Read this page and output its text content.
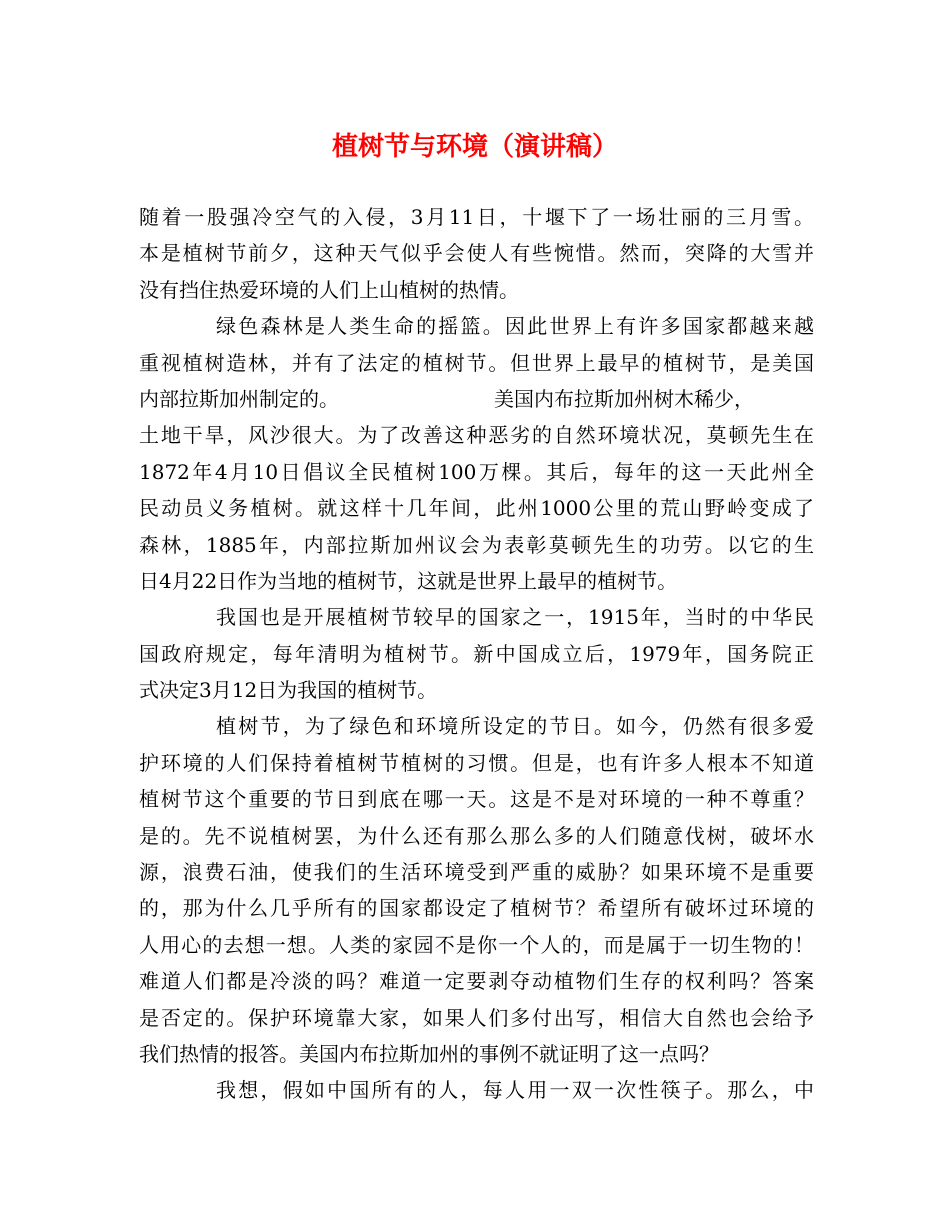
植树节与环境（演讲稿）
随着一股强冷空气的入侵，3月11日，十堰下了一场壮丽的三月雪。
本是植树节前夕，这种天气似乎会使人有些惋惜。然而，突降的大雪并
没有挡住热爱环境的人们上山植树的热情。
绿色森林是人类生命的摇篮。因此世界上有许多国家都越来越
重视植树造林，并有了法定的植树节。但世界上最早的植树节，是美国
内部拉斯加州制定的。	美国内布拉斯加州树木稀少，
土地干旱，风沙很大。为了改善这种恶劣的自然环境状况，莫顿先生在
1872年4月10日倡议全民植树100万棵。其后，每年的这一天此州全
民动员义务植树。就这样十几年间，此州1000公里的荒山野岭变成了
森林，1885年，内部拉斯加州议会为表彰莫顿先生的功劳。以它的生
日4月22日作为当地的植树节，这就是世界上最早的植树节。
我国也是开展植树节较早的国家之一，1915年，当时的中华民
国政府规定，每年清明为植树节。新中国成立后，1979年，国务院正
式决定3月12日为我国的植树节。
植树节，为了绿色和环境所设定的节日。如今，仍然有很多爱
护环境的人们保持着植树节植树的习惯。但是，也有许多人根本不知道
植树节这个重要的节日到底在哪一天。这是不是对环境的一种不尊重？
是的。先不说植树罢，为什么还有那么那么多的人们随意伐树，破坏水
源，浪费石油，使我们的生活环境受到严重的威胁？如果环境不是重要
的，那为什么几乎所有的国家都设定了植树节？希望所有破坏过环境的
人用心的去想一想。人类的家园不是你一个人的，而是属于一切生物的！
难道人们都是冷淡的吗？难道一定要剥夺动植物们生存的权利吗？答案
是否定的。保护环境靠大家，如果人们多付出写，相信大自然也会给予
我们热情的报答。美国内布拉斯加州的事例不就证明了这一点吗？
我想，假如中国所有的人，每人用一双一次性筷子。那么，中
